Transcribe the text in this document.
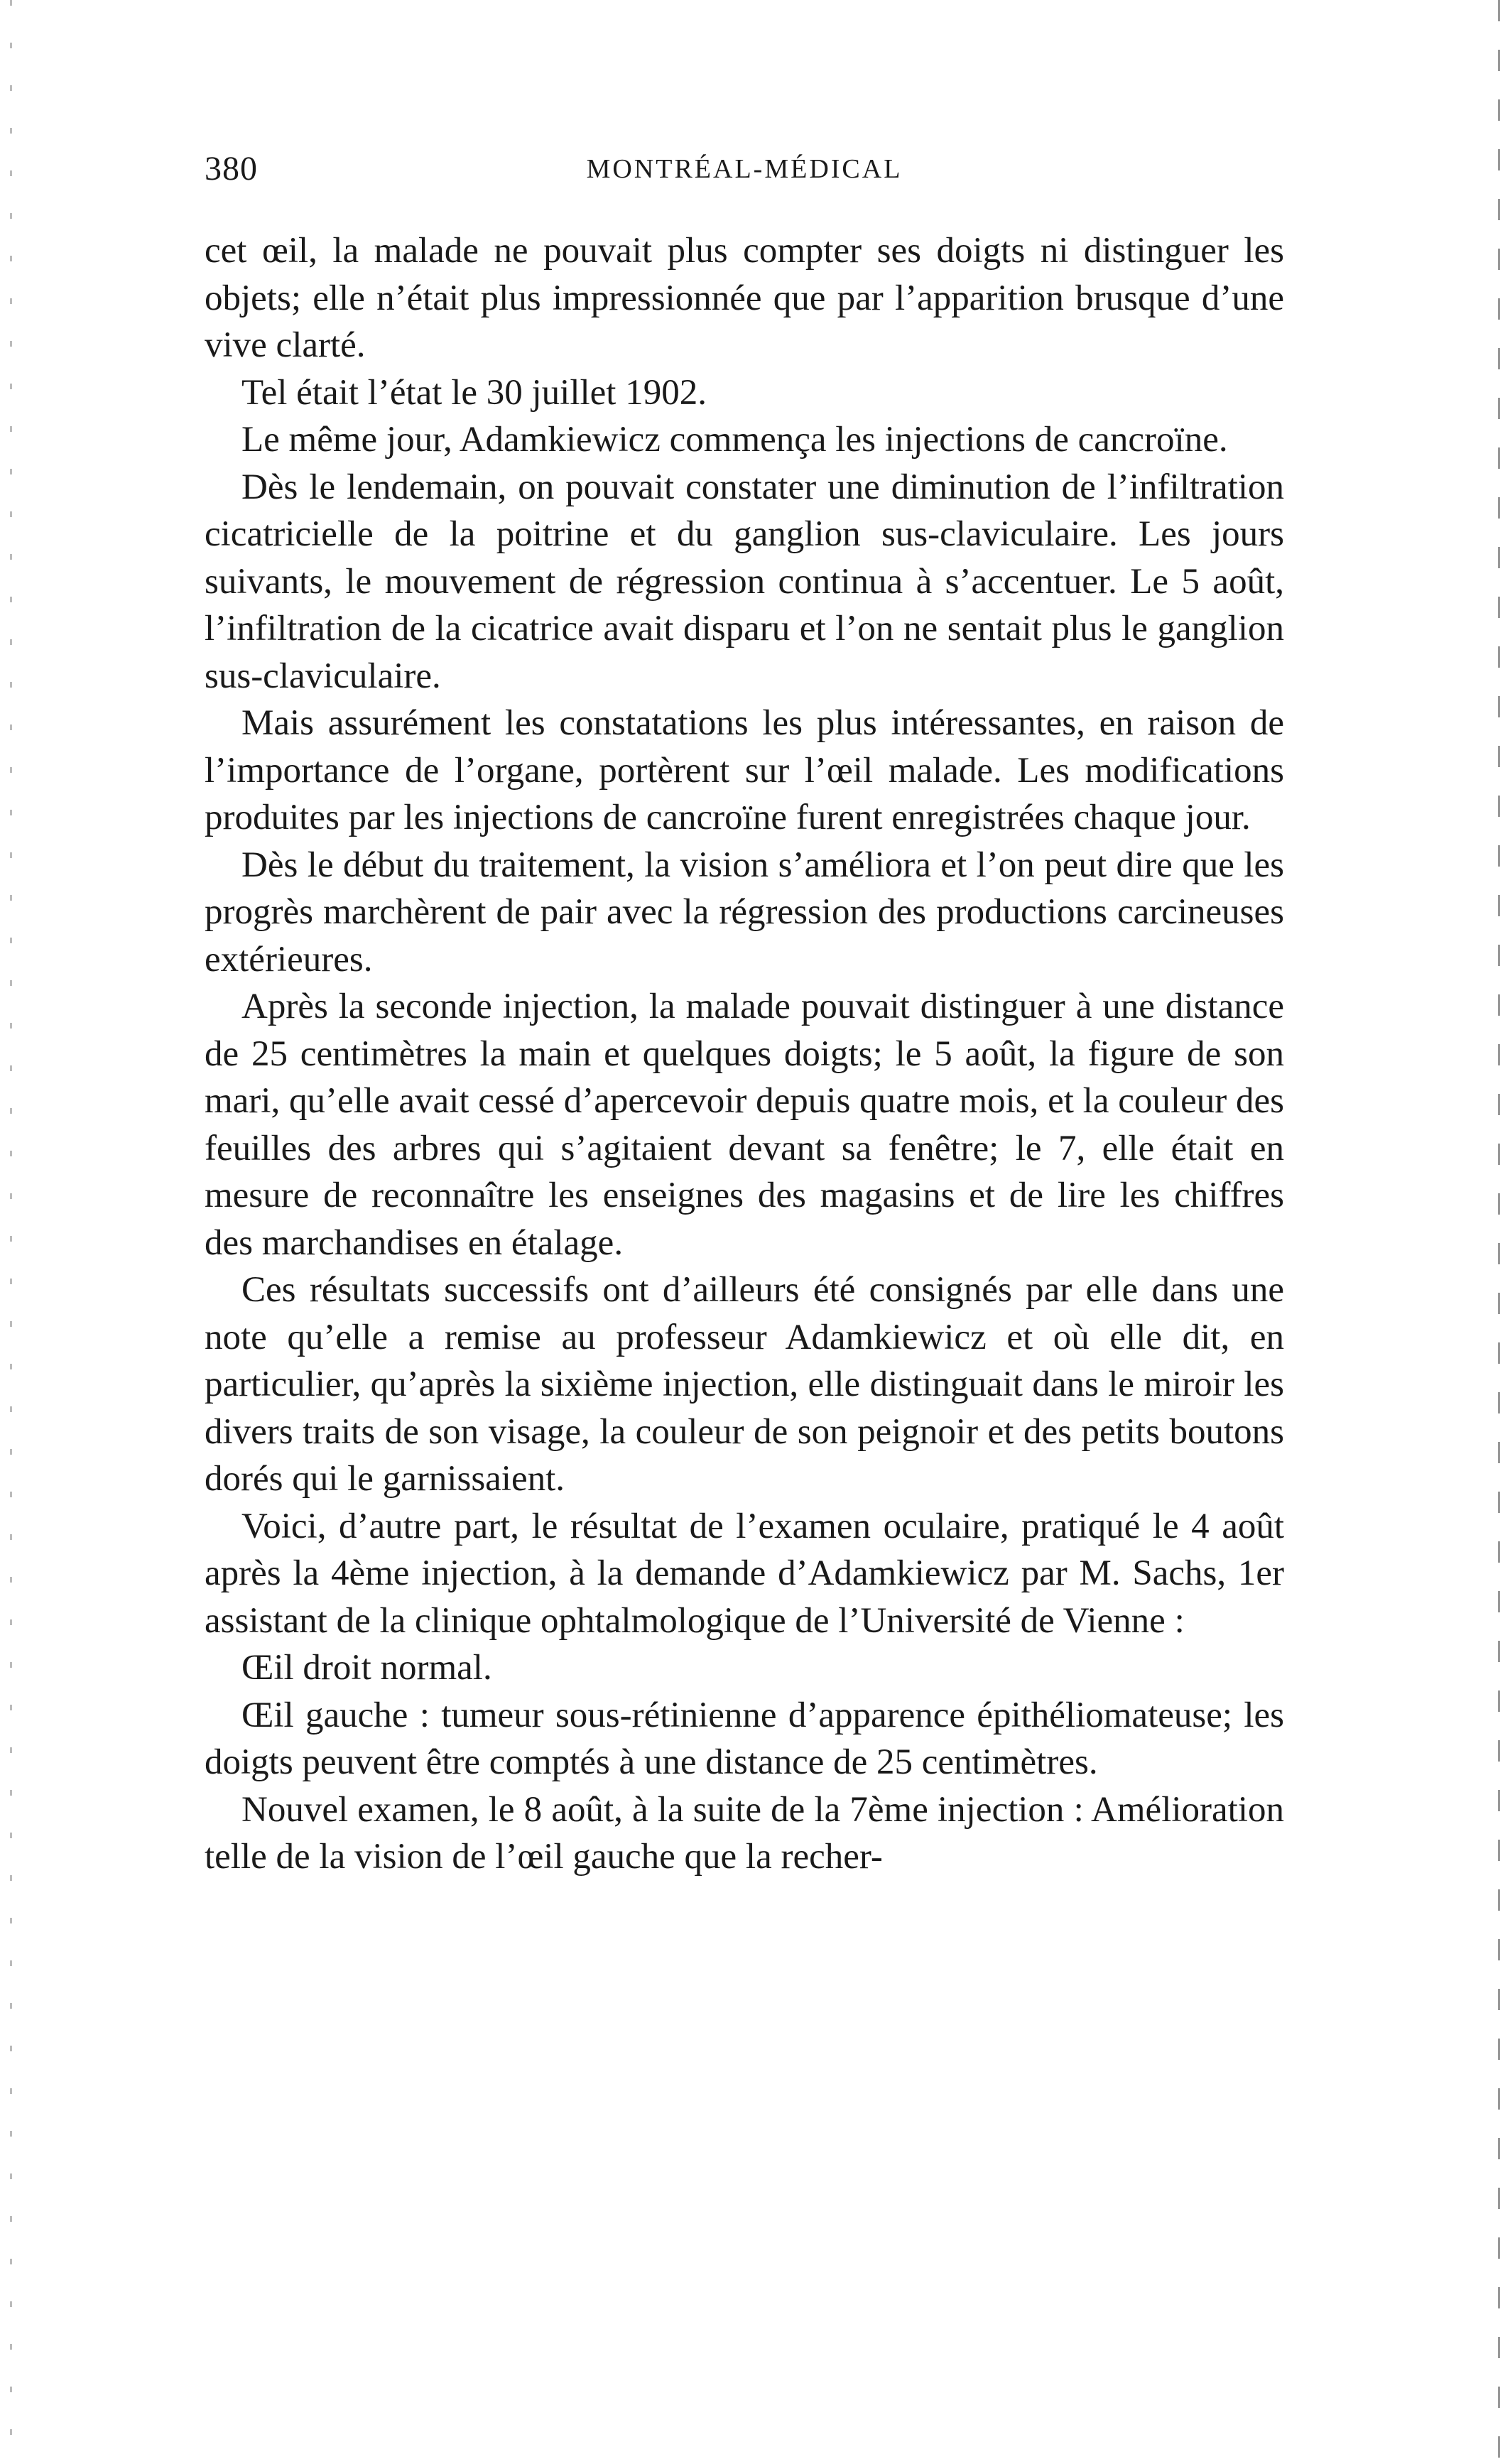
380	MONTRÉAL-MÉDICAL

cet œil, la malade ne pouvait plus compter ses doigts ni distinguer les objets; elle n’était plus impressionnée que par l’apparition brusque d’une vive clarté.

Tel était l’état le 30 juillet 1902.

Le même jour, Adamkiewicz commença les injections de cancroïne.

Dès le lendemain, on pouvait constater une diminution de l’infiltration cicatricielle de la poitrine et du ganglion sus-claviculaire. Les jours suivants, le mouvement de régression continua à s’accentuer. Le 5 août, l’infiltration de la cicatrice avait disparu et l’on ne sentait plus le ganglion sus-claviculaire.

Mais assurément les constatations les plus intéressantes, en raison de l’importance de l’organe, portèrent sur l’œil malade. Les modifications produites par les injections de cancroïne furent enregistrées chaque jour.

Dès le début du traitement, la vision s’améliora et l’on peut dire que les progrès marchèrent de pair avec la régression des productions carcineuses extérieures.

Après la seconde injection, la malade pouvait distinguer à une distance de 25 centimètres la main et quelques doigts; le 5 août, la figure de son mari, qu’elle avait cessé d’apercevoir depuis quatre mois, et la couleur des feuilles des arbres qui s’agitaient devant sa fenêtre; le 7, elle était en mesure de reconnaître les enseignes des magasins et de lire les chiffres des marchandises en étalage.

Ces résultats successifs ont d’ailleurs été consignés par elle dans une note qu’elle a remise au professeur Adamkiewicz et où elle dit, en particulier, qu’après la sixième injection, elle distinguait dans le miroir les divers traits de son visage, la couleur de son peignoir et des petits boutons dorés qui le garnissaient.

Voici, d’autre part, le résultat de l’examen oculaire, pratiqué le 4 août après la 4ème injection, à la demande d’Adamkiewicz par M. Sachs, 1er assistant de la clinique ophtalmologique de l’Université de Vienne :

Œil droit normal.

Œil gauche : tumeur sous-rétinienne d’apparence épithéliomateuse; les doigts peuvent être comptés à une distance de 25 centimètres.

Nouvel examen, le 8 août, à la suite de la 7ème injection : Amélioration telle de la vision de l’œil gauche que la recher-
